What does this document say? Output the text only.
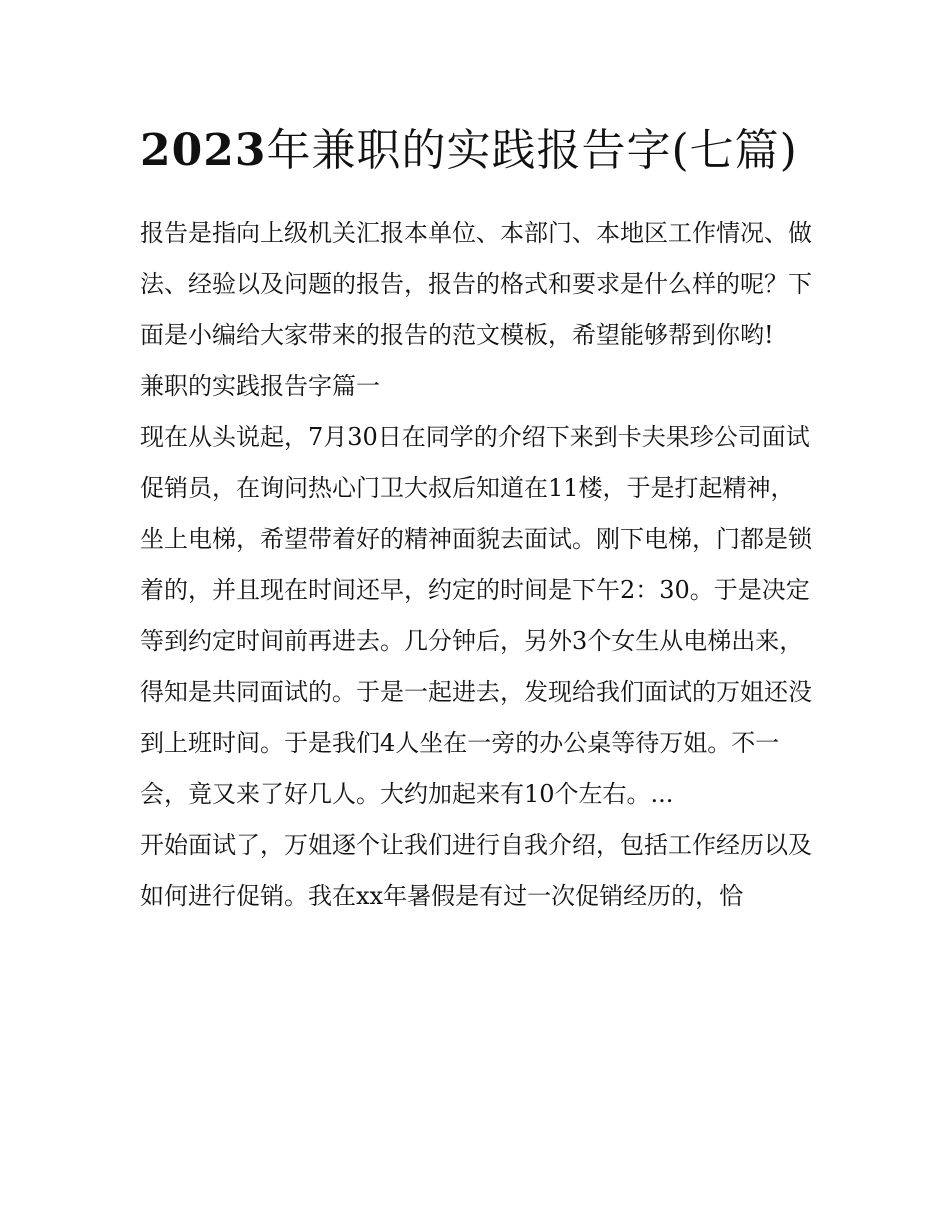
2023年兼职的实践报告字(七篇)

报告是指向上级机关汇报本单位、本部门、本地区工作情况、做法、经验以及问题的报告，报告的格式和要求是什么样的呢？下面是小编给大家带来的报告的范文模板，希望能够帮到你哟!

兼职的实践报告字篇一

现在从头说起，7月30日在同学的介绍下来到卡夫果珍公司面试促销员，在询问热心门卫大叔后知道在11楼，于是打起精神，坐上电梯，希望带着好的精神面貌去面试。刚下电梯，门都是锁着的，并且现在时间还早，约定的时间是下午2：30。于是决定等到约定时间前再进去。几分钟后，另外3个女生从电梯出来，得知是共同面试的。于是一起进去，发现给我们面试的万姐还没到上班时间。于是我们4人坐在一旁的办公桌等待万姐。不一会，竟又来了好几人。大约加起来有10个左右。...

开始面试了，万姐逐个让我们进行自我介绍，包括工作经历以及如何进行促销。我在xx年暑假是有过一次促销经历的，恰
